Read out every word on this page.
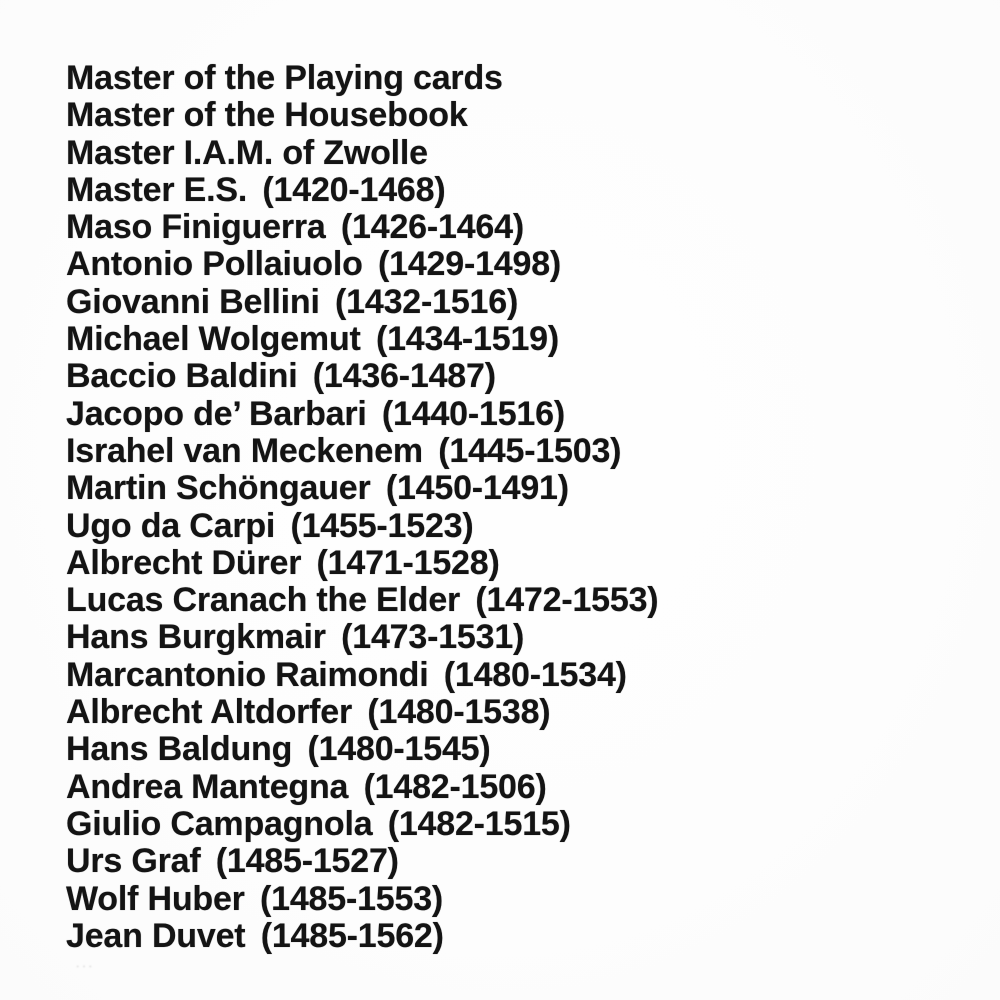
Master of the Playing cards
Master of the Housebook
Master I.A.M. of Zwolle
Master E.S. (1420-1468)
Maso Finiguerra (1426-1464)
Antonio Pollaiuolo (1429-1498)
Giovanni Bellini (1432-1516)
Michael Wolgemut (1434-1519)
Baccio Baldini (1436-1487)
Jacopo de’ Barbari (1440-1516)
Israhel van Meckenem (1445-1503)
Martin Schöngauer (1450-1491)
Ugo da Carpi (1455-1523)
Albrecht Dürer (1471-1528)
Lucas Cranach the Elder (1472-1553)
Hans Burgkmair (1473-1531)
Marcantonio Raimondi (1480-1534)
Albrecht Altdorfer (1480-1538)
Hans Baldung (1480-1545)
Andrea Mantegna (1482-1506)
Giulio Campagnola (1482-1515)
Urs Graf (1485-1527)
Wolf Huber (1485-1553)
Jean Duvet (1485-1562)
···
